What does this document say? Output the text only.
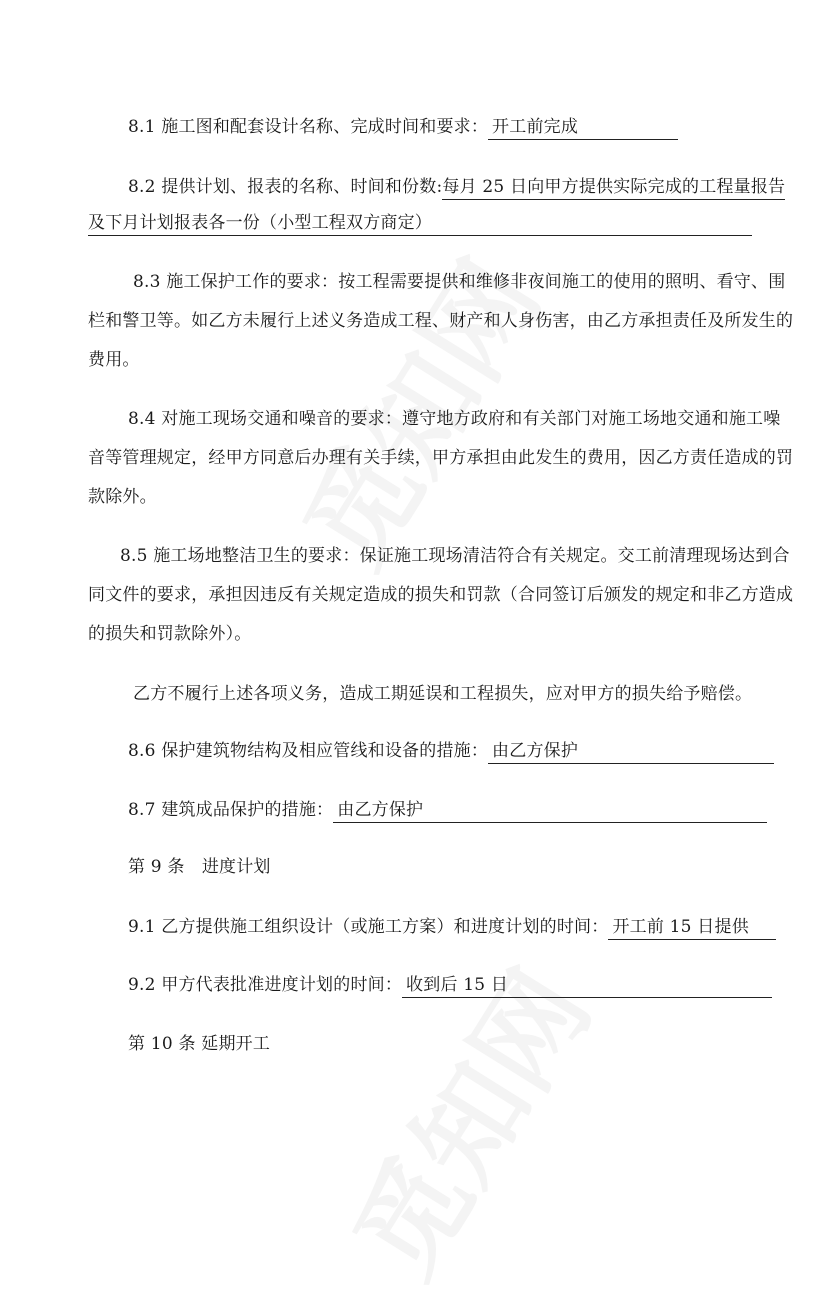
8.1 施工图和配套设计名称、完成时间和要求： 开工前完成
8.2 提供计划、报表的名称、时间和份数:每月 25 日向甲方提供实际完成的工程量报告
及下月计划报表各一份（小型工程双方商定）
8.3 施工保护工作的要求：按工程需要提供和维修非夜间施工的使用的照明、看守、围
栏和警卫等。如乙方未履行上述义务造成工程、财产和人身伤害，由乙方承担责任及所发生的
费用。
8.4 对施工现场交通和噪音的要求：遵守地方政府和有关部门对施工场地交通和施工噪
音等管理规定，经甲方同意后办理有关手续，甲方承担由此发生的费用，因乙方责任造成的罚
款除外。
8.5 施工场地整洁卫生的要求：保证施工现场清洁符合有关规定。交工前清理现场达到合
同文件的要求，承担因违反有关规定造成的损失和罚款（合同签订后颁发的规定和非乙方造成
的损失和罚款除外）。
乙方不履行上述各项义务，造成工期延误和工程损失，应对甲方的损失给予赔偿。
8.6 保护建筑物结构及相应管线和设备的措施： 由乙方保护
8.7 建筑成品保护的措施： 由乙方保护
第 9 条　进度计划
9.1 乙方提供施工组织设计（或施工方案）和进度计划的时间： 开工前 15 日提供
9.2 甲方代表批准进度计划的时间： 收到后 15 日
第 10 条 延期开工
